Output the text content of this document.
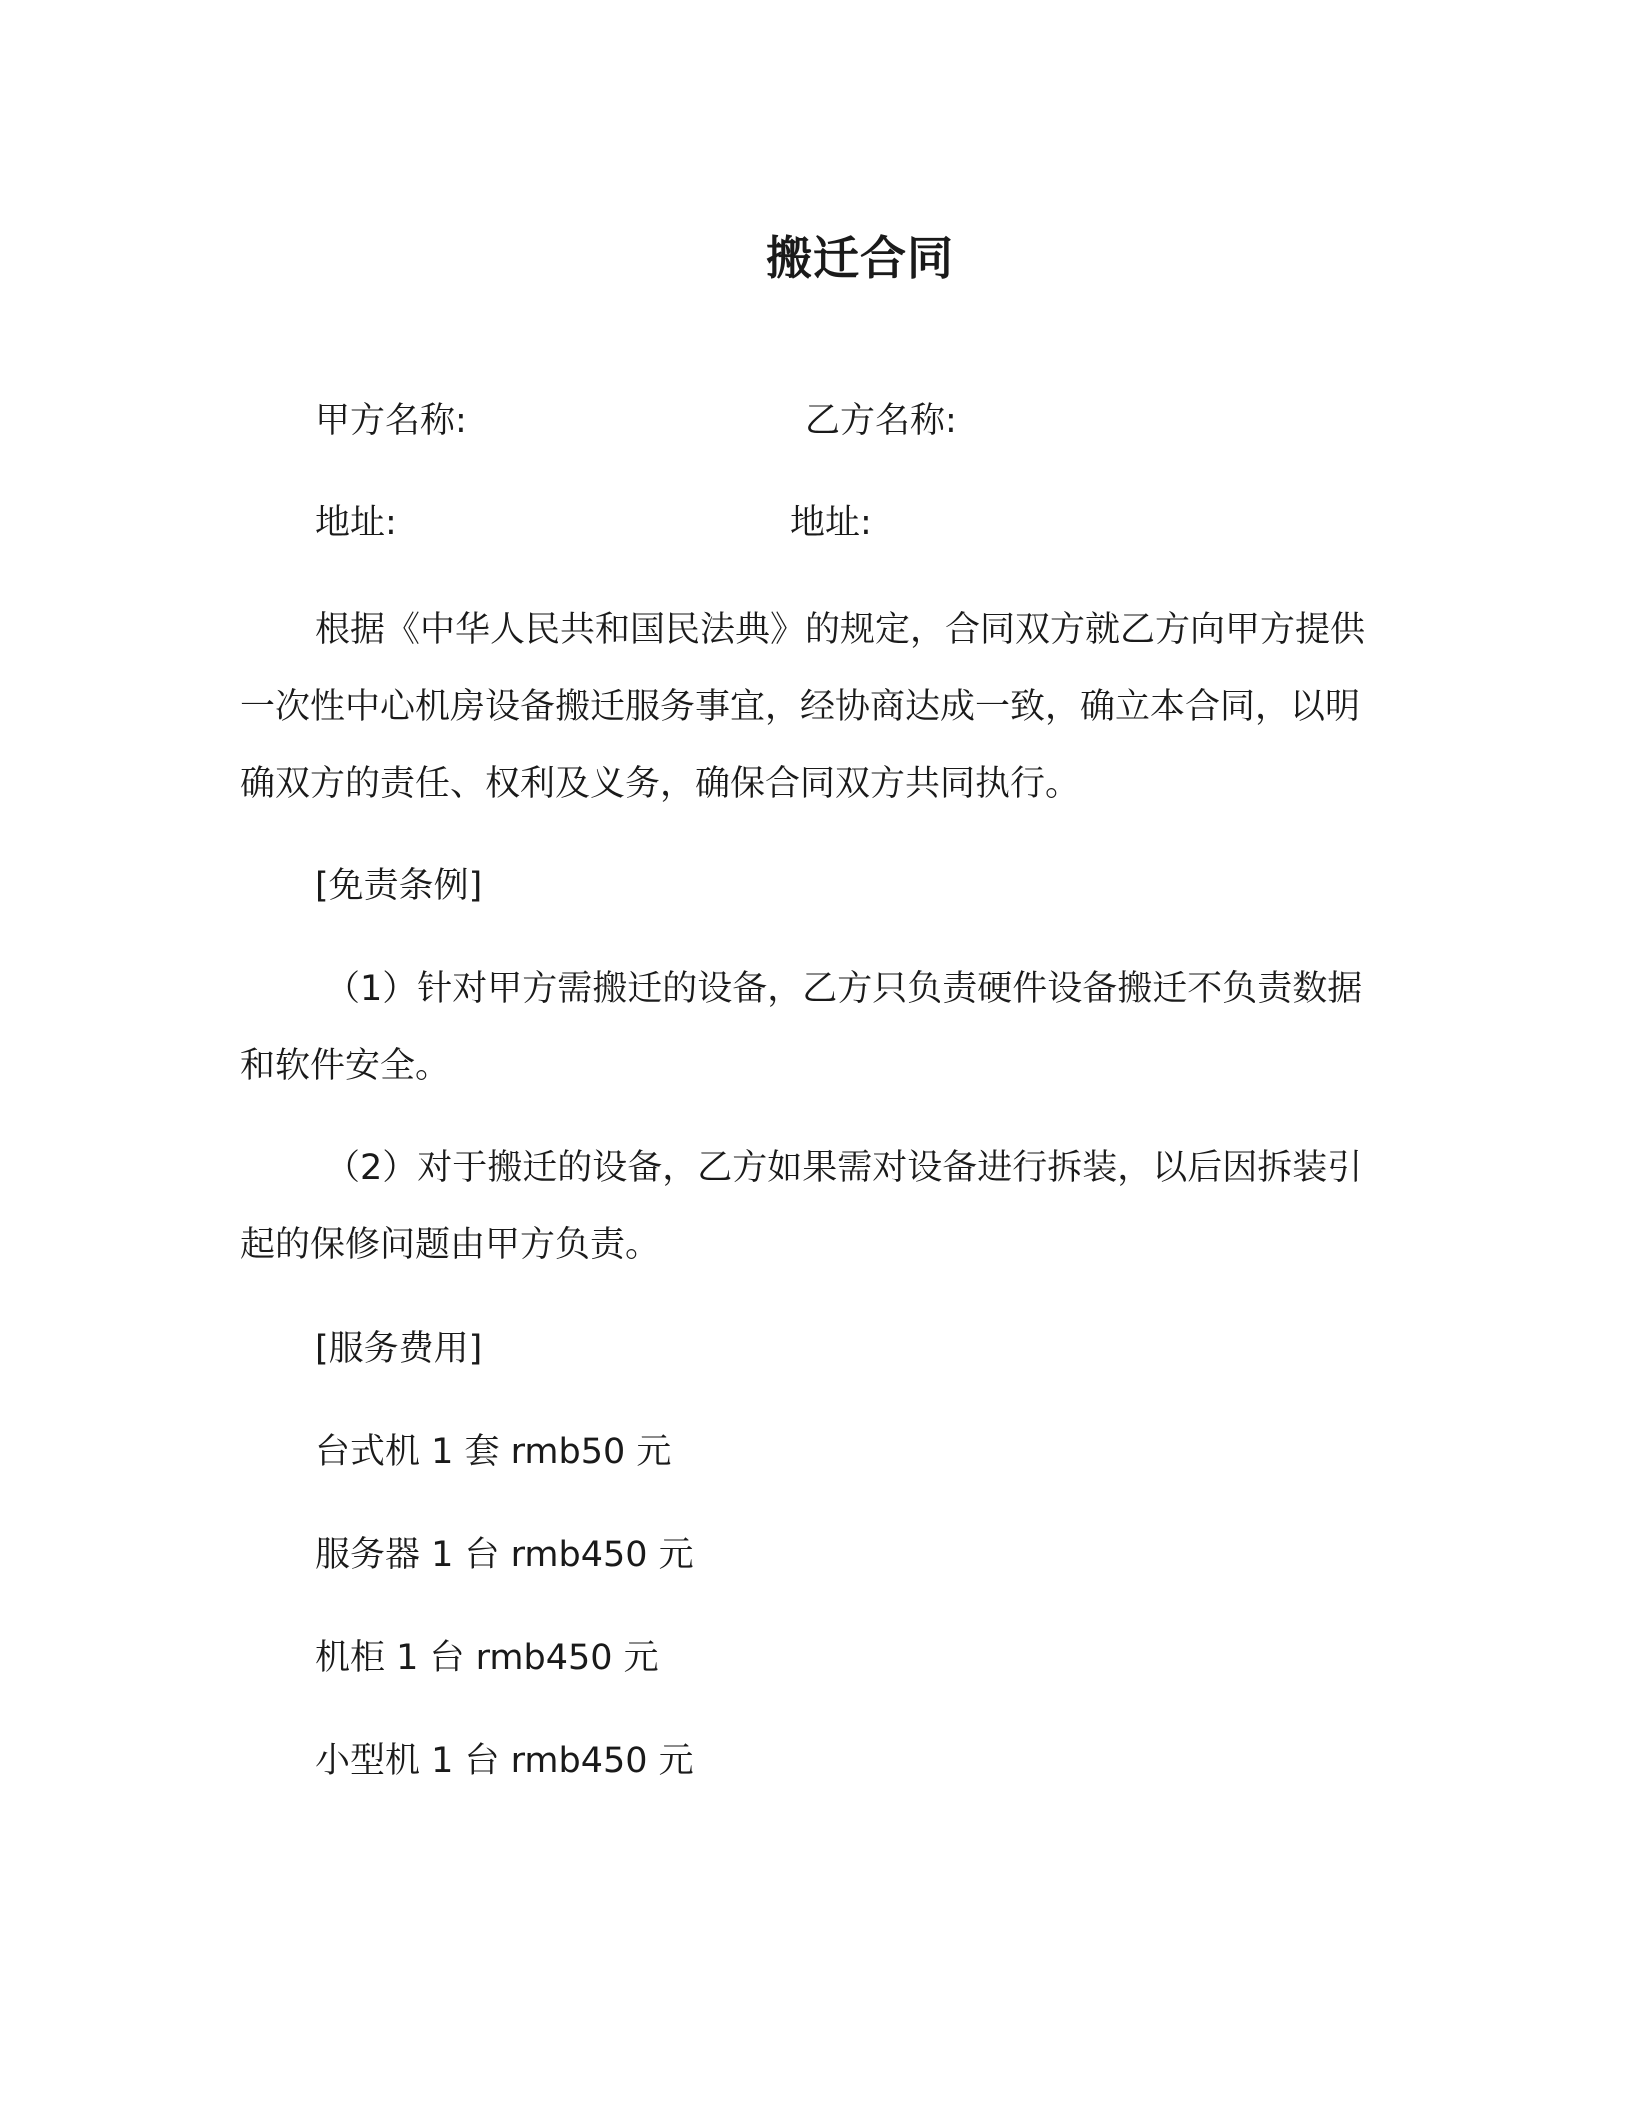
搬迁合同
甲方名称:	乙方名称:
地址:	地址:
根据《中华人民共和国民法典》的规定，合同双方就乙方向甲方提供一次性中心机房设备搬迁服务事宜，经协商达成一致，确立本合同，以明确双方的责任、权利及义务，确保合同双方共同执行。
[免责条例]
（1）针对甲方需搬迁的设备，乙方只负责硬件设备搬迁不负责数据和软件安全。
（2）对于搬迁的设备，乙方如果需对设备进行拆装，以后因拆装引起的保修问题由甲方负责。
[服务费用]
台式机 1 套 rmb50 元
服务器 1 台 rmb450 元
机柜 1 台 rmb450 元
小型机 1 台 rmb450 元
